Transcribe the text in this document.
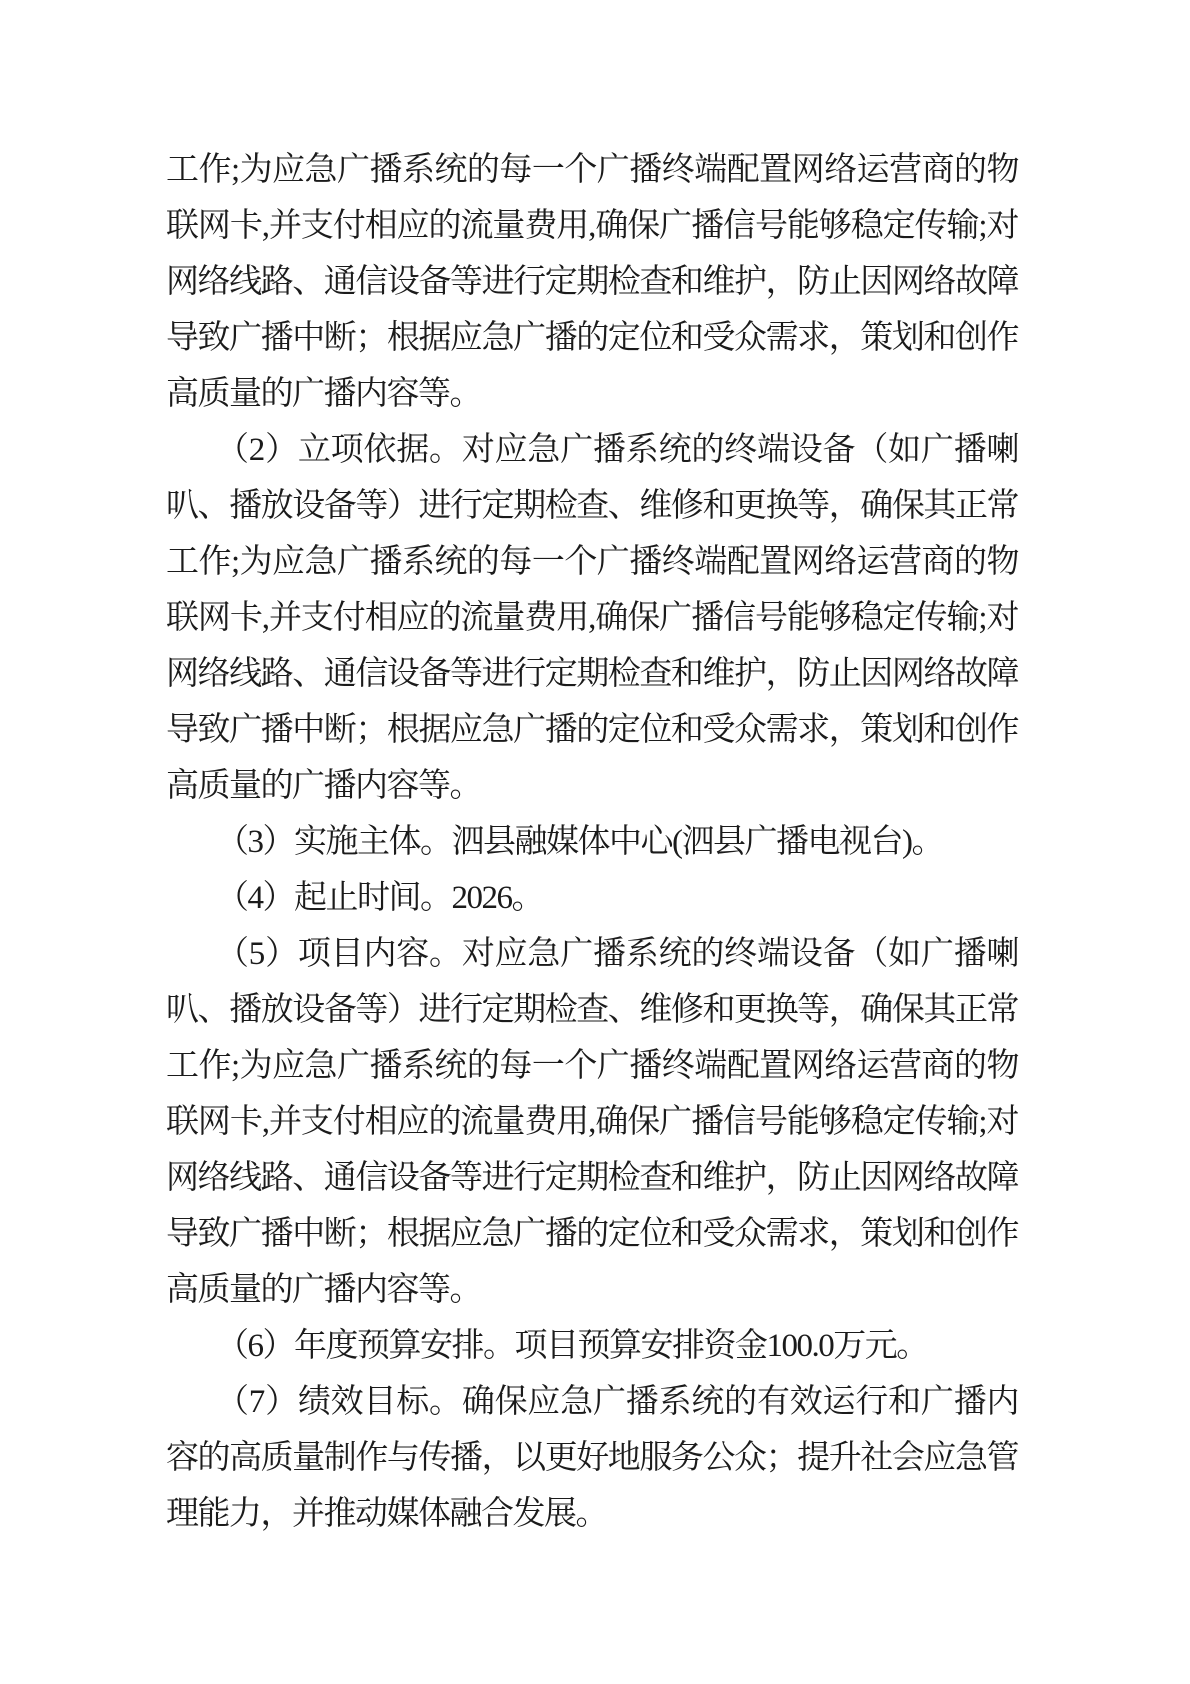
工作;为应急广播系统的每一个广播终端配置网络运营商的物联网卡,并支付相应的流量费用,确保广播信号能够稳定传输;对网络线路、通信设备等进行定期检查和维护，防止因网络故障导致广播中断；根据应急广播的定位和受众需求，策划和创作高质量的广播内容等。

（2）立项依据。对应急广播系统的终端设备（如广播喇叭、播放设备等）进行定期检查、维修和更换等，确保其正常工作;为应急广播系统的每一个广播终端配置网络运营商的物联网卡,并支付相应的流量费用,确保广播信号能够稳定传输;对网络线路、通信设备等进行定期检查和维护，防止因网络故障导致广播中断；根据应急广播的定位和受众需求，策划和创作高质量的广播内容等。

（3）实施主体。泗县融媒体中心(泗县广播电视台)。

（4）起止时间。2026。

（5）项目内容。对应急广播系统的终端设备（如广播喇叭、播放设备等）进行定期检查、维修和更换等，确保其正常工作;为应急广播系统的每一个广播终端配置网络运营商的物联网卡,并支付相应的流量费用,确保广播信号能够稳定传输;对网络线路、通信设备等进行定期检查和维护，防止因网络故障导致广播中断；根据应急广播的定位和受众需求，策划和创作高质量的广播内容等。

（6）年度预算安排。项目预算安排资金100.0万元。

（7）绩效目标。确保应急广播系统的有效运行和广播内容的高质量制作与传播，以更好地服务公众；提升社会应急管理能力，并推动媒体融合发展。
